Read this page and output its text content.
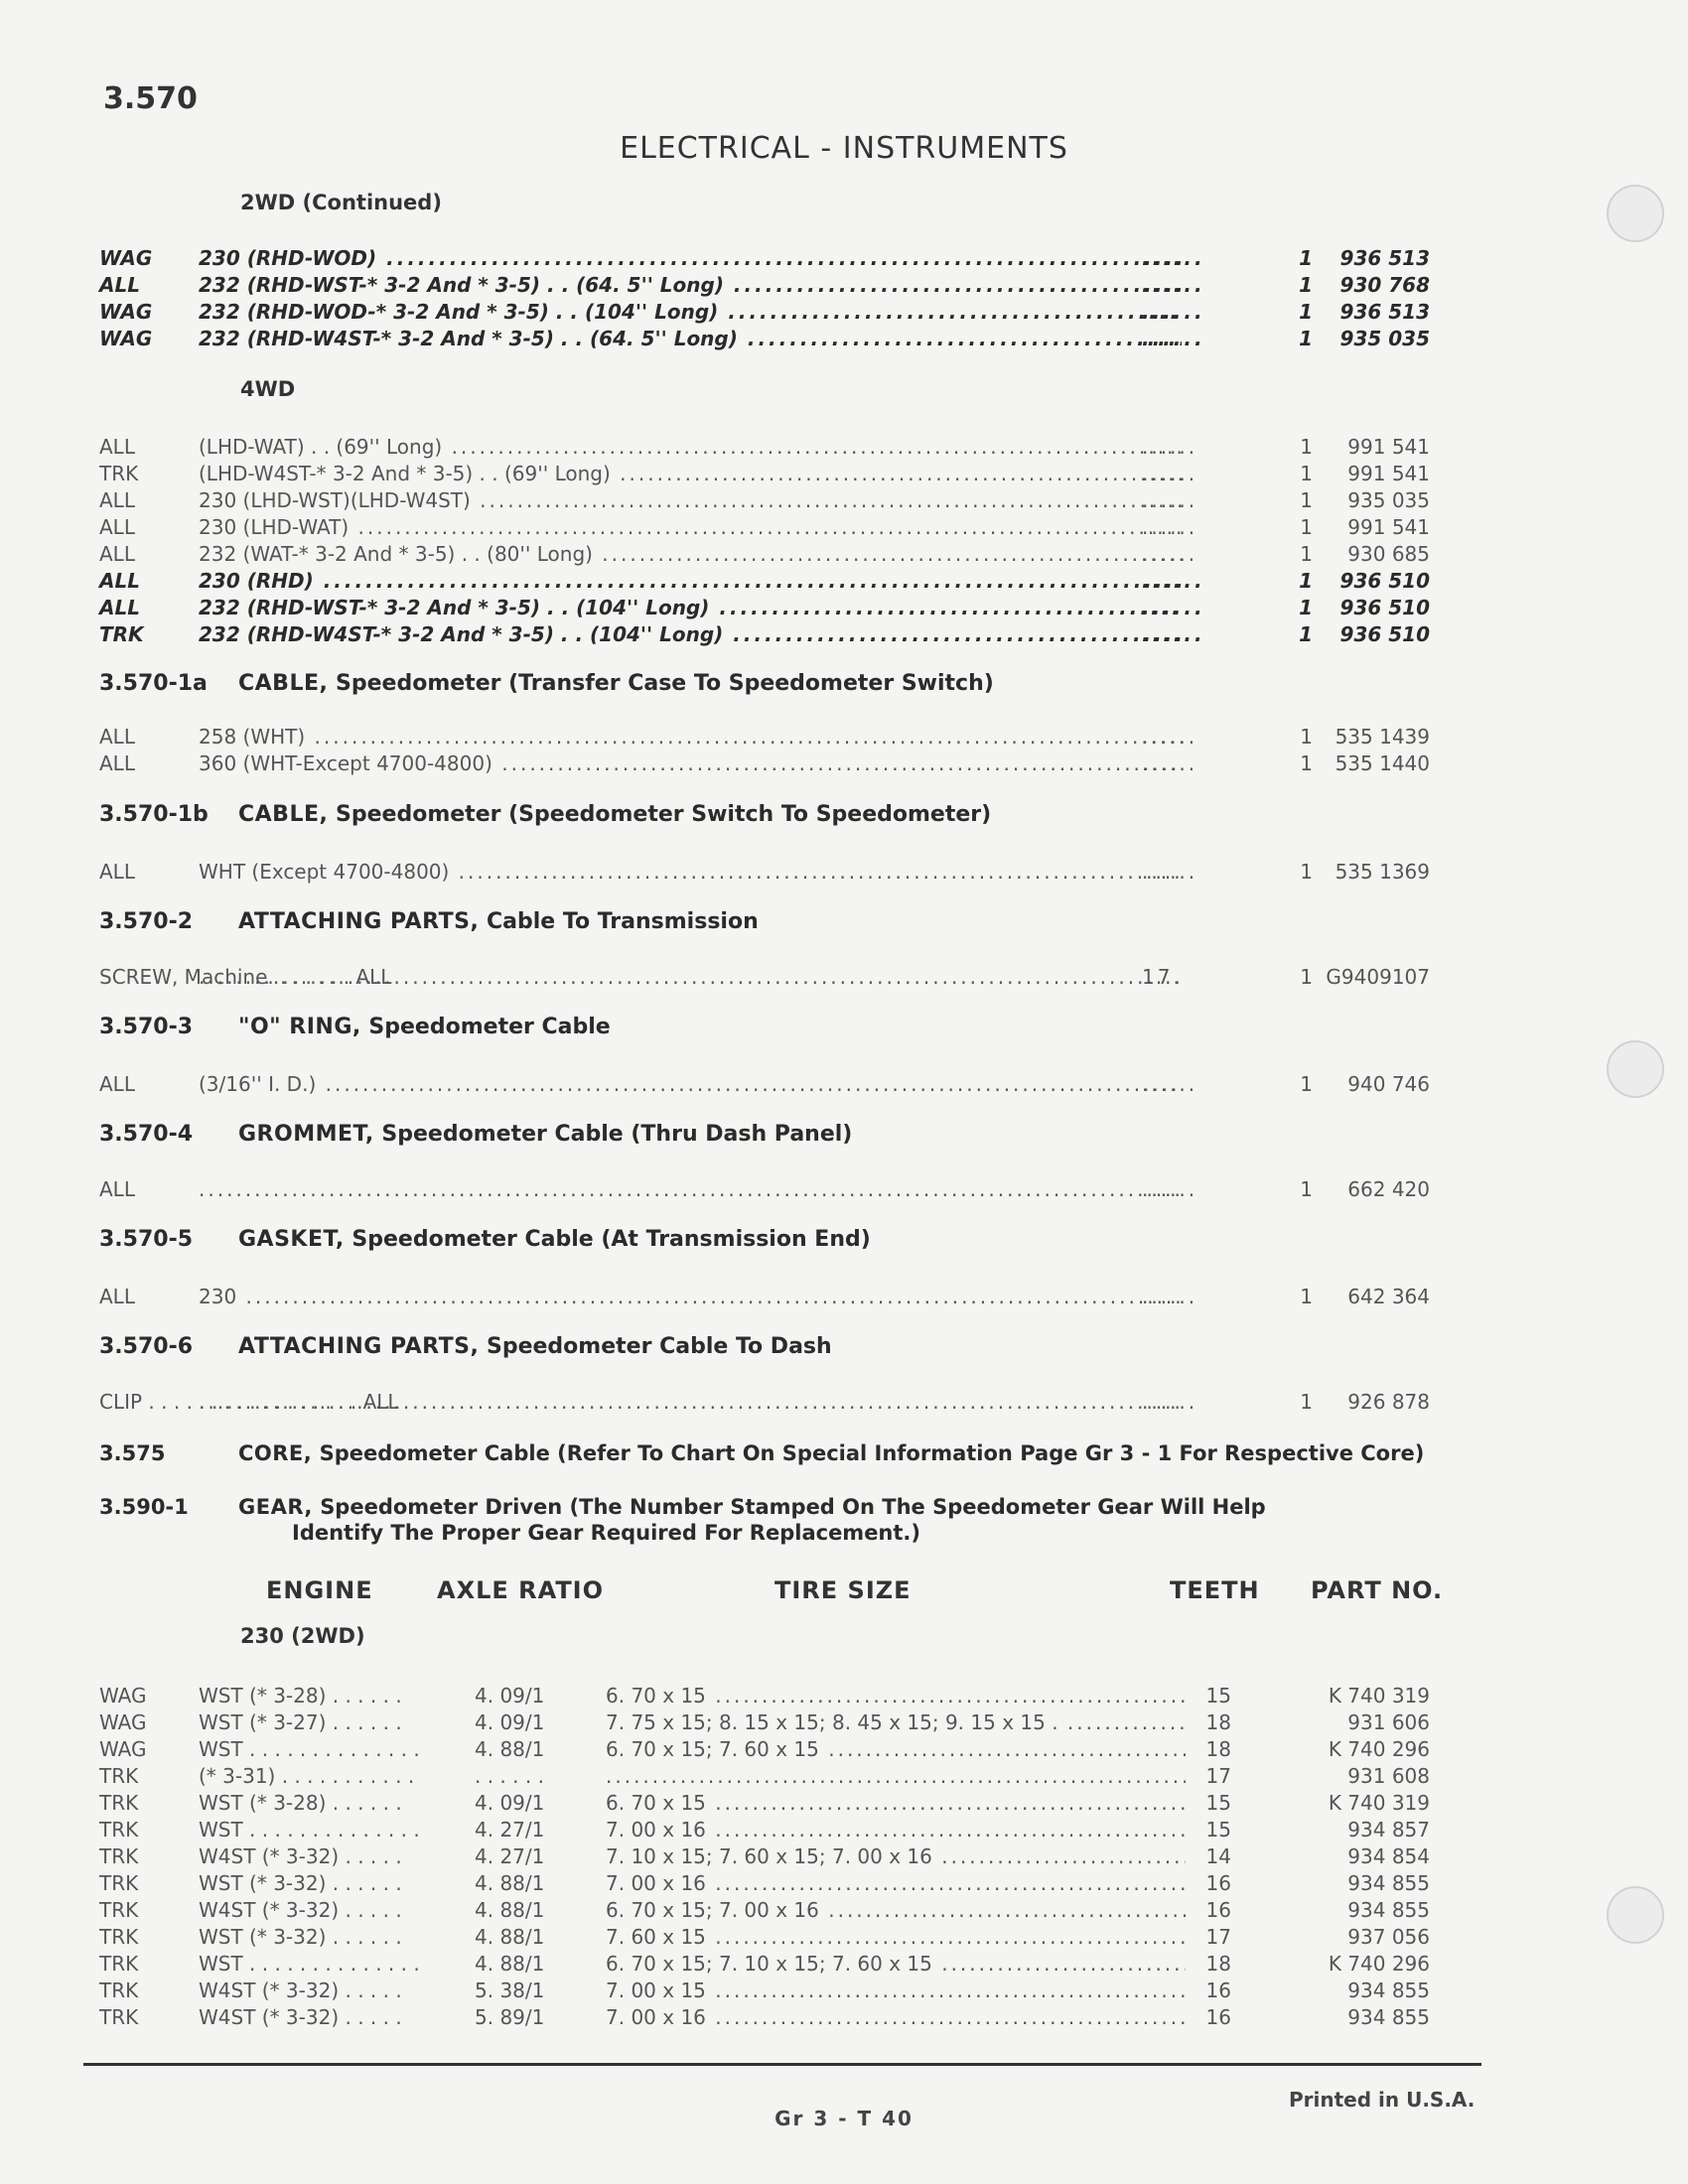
3.570
ELECTRICAL - INSTRUMENTS
2WD (Continued)
WAG 230 (RHD-WOD) .....	......	1	936 513
ALL	232 (RHD-WST-* 3-2 And * 3-5) . . (64. 5'' Long) .....	......	1	930 768
WAG 232 (RHD-WOD-* 3-2 And * 3-5) . . (104'' Long) .....	......	1	936 513
WAG 232 (RHD-W4ST-* 3-2 And * 3-5) . . (64. 5'' Long) .....	......	1	935 035
4WD
ALL	(LHD-WAT) . . (69'' Long) .....	......	1	991 541
TRK	(LHD-W4ST-* 3-2 And * 3-5) . . (69'' Long) .....	......	1	991 541
ALL	230 (LHD-WST)(LHD-W4ST) .....	......	1	935 035
ALL	230 (LHD-WAT) .....	......	1	991 541
ALL	232 (WAT-* 3-2 And * 3-5) . . (80'' Long) .....	......	1	930 685
ALL	230 (RHD) .....	......	1	936 510
ALL	232 (RHD-WST-* 3-2 And * 3-5) . . (104'' Long) .....	......	1	936 510
TRK	232 (RHD-W4ST-* 3-2 And * 3-5) . . (104'' Long) .....	......	1	936 510
3.570-1a CABLE, Speedometer (Transfer Case To Speedometer Switch)
ALL	258 (WHT) .....	......	1	535 1439
ALL	360 (WHT-Except 4700-4800) .....	......	1	535 1440
3.570-1b CABLE, Speedometer (Speedometer Switch To Speedometer)
ALL	WHT (Except 4700-4800) .....	......	1	535 1369
3.570-2 ATTACHING PARTS, Cable To Transmission
SCREW, Machine. . . . . . . ALL .....	17.	1 G9409107
3.570-3 "O" RING, Speedometer Cable
ALL	(3/16'' I. D.) .....	......	1	940 746
3.570-4 GROMMET, Speedometer Cable (Thru Dash Panel)
ALL .....	......	1	662 420
3.570-5 GASKET, Speedometer Cable (At Transmission End)
ALL	230 .....	......	1	642 364
3.570-6 ATTACHING PARTS, Speedometer Cable To Dash
CLIP . . . . . . . . . . . . . . . . . ALL .....	......	1	926 878
3.575	CORE, Speedometer Cable (Refer To Chart On Special Information Page Gr 3 - 1 For Respective Core)
3.590-1 GEAR, Speedometer Driven (The Number Stamped On The Speedometer Gear Will Help
Identify The Proper Gear Required For Replacement.)
ENGINE	AXLE RATIO	TIRE SIZE	TEETH PART NO.
230 (2WD)
WAG	WST (* 3-28) . . . . . .	4. 09/1	6. 70 x 15 .....	15	K 740 319
WAG	WST (* 3-27) . . . . . .	4. 09/1	7. 75 x 15; 8. 15 x 15; 8. 45 x 15; 9. 15 x 15 . .....	18	931 606
WAG	WST . . . . . . . . . . . . . .	4. 88/1	6. 70 x 15; 7. 60 x 15 .....	18	K 740 296
TRK	(* 3-31) . . . . . . . . . . .	. . . . . . .....	17	931 608
TRK	WST (* 3-28) . . . . . .	4. 09/1	6. 70 x 15 .....	15	K 740 319
TRK	WST . . . . . . . . . . . . . .	4. 27/1	7. 00 x 16 .....	15	934 857
TRK	W4ST (* 3-32) . . . . .	4. 27/1	7. 10 x 15; 7. 60 x 15; 7. 00 x 16 .....	14	934 854
TRK	WST (* 3-32) . . . . . .	4. 88/1	7. 00 x 16 .....	16	934 855
TRK	W4ST (* 3-32) . . . . .	4. 88/1	6. 70 x 15; 7. 00 x 16 .....	16	934 855
TRK	WST (* 3-32) . . . . . .	4. 88/1	7. 60 x 15 .....	17	937 056
TRK	WST . . . . . . . . . . . . . .	4. 88/1	6. 70 x 15; 7. 10 x 15; 7. 60 x 15 .....	18	K 740 296
TRK	W4ST (* 3-32) . . . . .	5. 38/1	7. 00 x 15 .....	16	934 855
TRK	W4ST (* 3-32) . . . . .	5. 89/1	7. 00 x 16 .....	16	934 855
Printed in U.S.A.
Gr 3 - T 40
